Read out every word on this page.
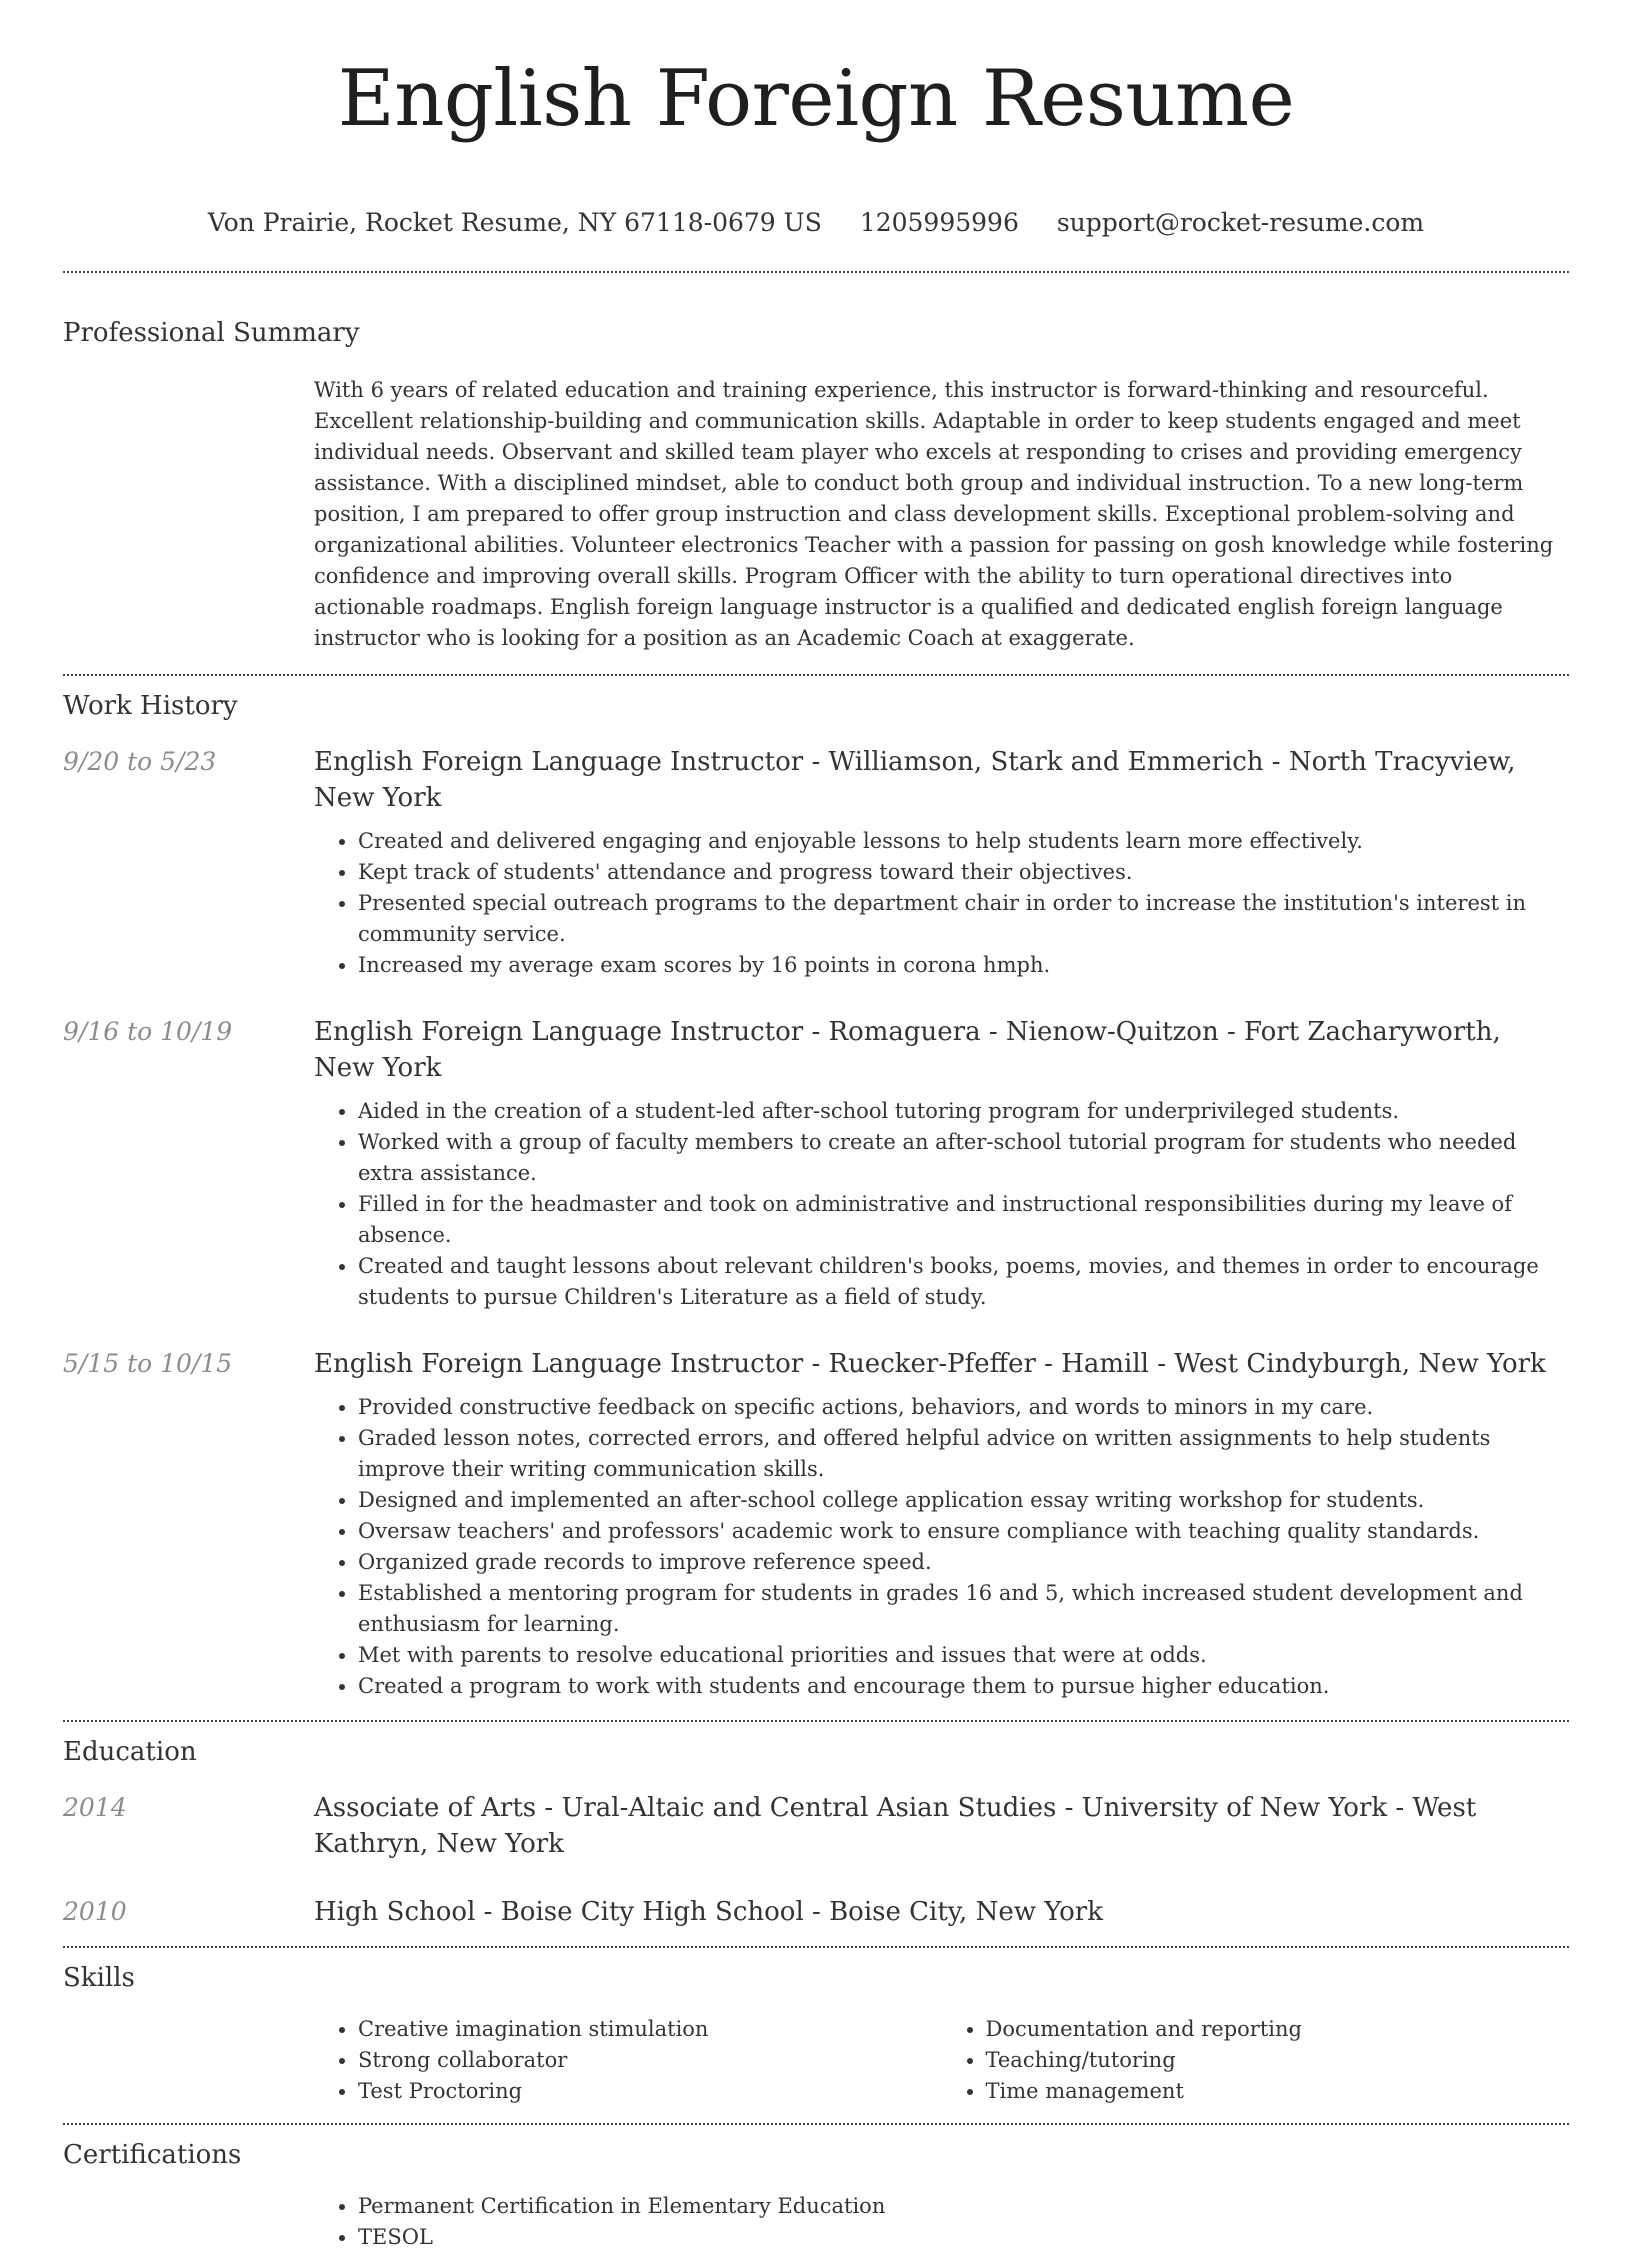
English Foreign Resume
Von Prairie, Rocket Resume, NY 67118-0679 US 1205995996 support@rocket-resume.com
Professional Summary
With 6 years of related education and training experience, this instructor is forward-thinking and resourceful. Excellent relationship-building and communication skills. Adaptable in order to keep students engaged and meet individual needs. Observant and skilled team player who excels at responding to crises and providing emergency assistance. With a disciplined mindset, able to conduct both group and individual instruction. To a new long-term position, I am prepared to offer group instruction and class development skills. Exceptional problem-solving and organizational abilities. Volunteer electronics Teacher with a passion for passing on gosh knowledge while fostering confidence and improving overall skills. Program Officer with the ability to turn operational directives into actionable roadmaps. English foreign language instructor is a qualified and dedicated english foreign language instructor who is looking for a position as an Academic Coach at exaggerate.
Work History
9/20 to 5/23	English Foreign Language Instructor - Williamson, Stark and Emmerich - North Tracyview, New York
• Created and delivered engaging and enjoyable lessons to help students learn more effectively.
• Kept track of students' attendance and progress toward their objectives.
• Presented special outreach programs to the department chair in order to increase the institution's interest in community service.
• Increased my average exam scores by 16 points in corona hmph.
9/16 to 10/19	English Foreign Language Instructor - Romaguera - Nienow-Quitzon - Fort Zacharyworth, New York
• Aided in the creation of a student-led after-school tutoring program for underprivileged students.
• Worked with a group of faculty members to create an after-school tutorial program for students who needed extra assistance.
• Filled in for the headmaster and took on administrative and instructional responsibilities during my leave of absence.
• Created and taught lessons about relevant children's books, poems, movies, and themes in order to encourage students to pursue Children's Literature as a field of study.
5/15 to 10/15	English Foreign Language Instructor - Ruecker-Pfeffer - Hamill - West Cindyburgh, New York
• Provided constructive feedback on specific actions, behaviors, and words to minors in my care.
• Graded lesson notes, corrected errors, and offered helpful advice on written assignments to help students improve their writing communication skills.
• Designed and implemented an after-school college application essay writing workshop for students.
• Oversaw teachers' and professors' academic work to ensure compliance with teaching quality standards.
• Organized grade records to improve reference speed.
• Established a mentoring program for students in grades 16 and 5, which increased student development and enthusiasm for learning.
• Met with parents to resolve educational priorities and issues that were at odds.
• Created a program to work with students and encourage them to pursue higher education.
Education
2014	Associate of Arts - Ural-Altaic and Central Asian Studies - University of New York - West Kathryn, New York
2010	High School - Boise City High School - Boise City, New York
Skills
• Creative imagination stimulation
• Strong collaborator
• Test Proctoring
• Documentation and reporting
• Teaching/tutoring
• Time management
Certifications
• Permanent Certification in Elementary Education
• TESOL
